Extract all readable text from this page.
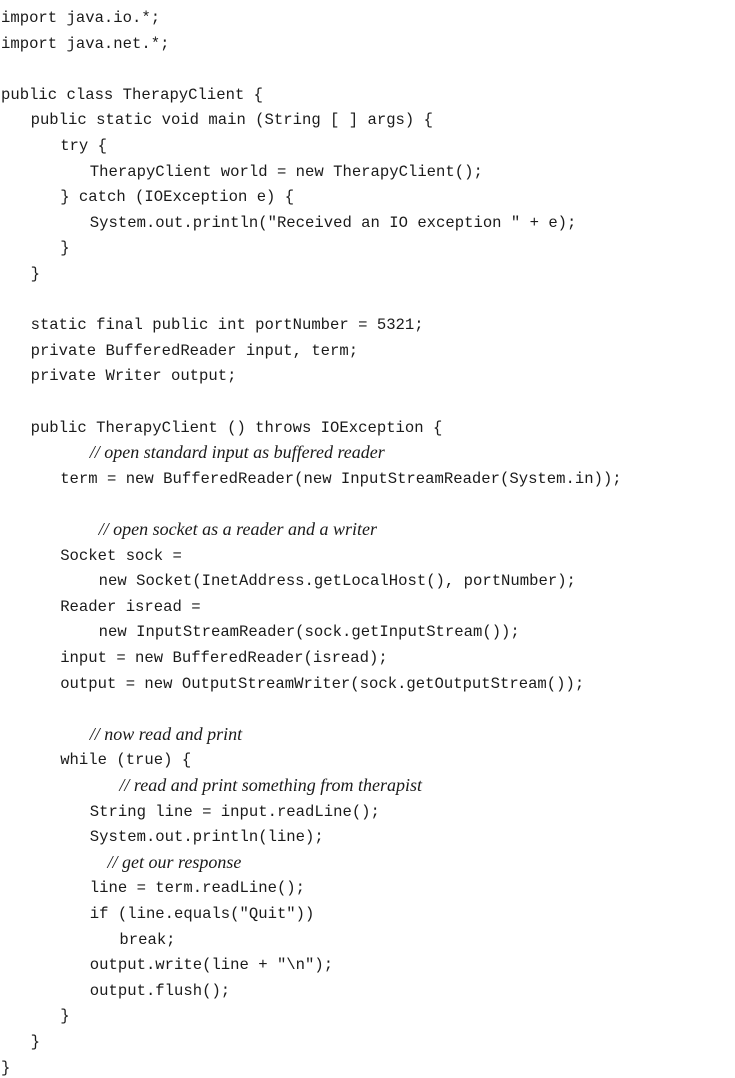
import java.io.*;
import java.net.*;
public class TherapyClient {
public static void main (String [ ] args) {
try {
TherapyClient world = new TherapyClient();
} catch (IOException e) {
System.out.println("Received an IO exception " + e);
}
}
static final public int portNumber = 5321;
private BufferedReader input, term;
private Writer output;
public TherapyClient () throws IOException {
// open standard input as buffered reader
term = new BufferedReader(new InputStreamReader(System.in));
// open socket as a reader and a writer
Socket sock =
new Socket(InetAddress.getLocalHost(), portNumber);
Reader isread =
new InputStreamReader(sock.getInputStream());
input = new BufferedReader(isread);
output = new OutputStreamWriter(sock.getOutputStream());
// now read and print
while (true) {
// read and print something from therapist
String line = input.readLine();
System.out.println(line);
// get our response
line = term.readLine();
if (line.equals("Quit"))
break;
output.write(line + "\n");
output.flush();
}
}
}
